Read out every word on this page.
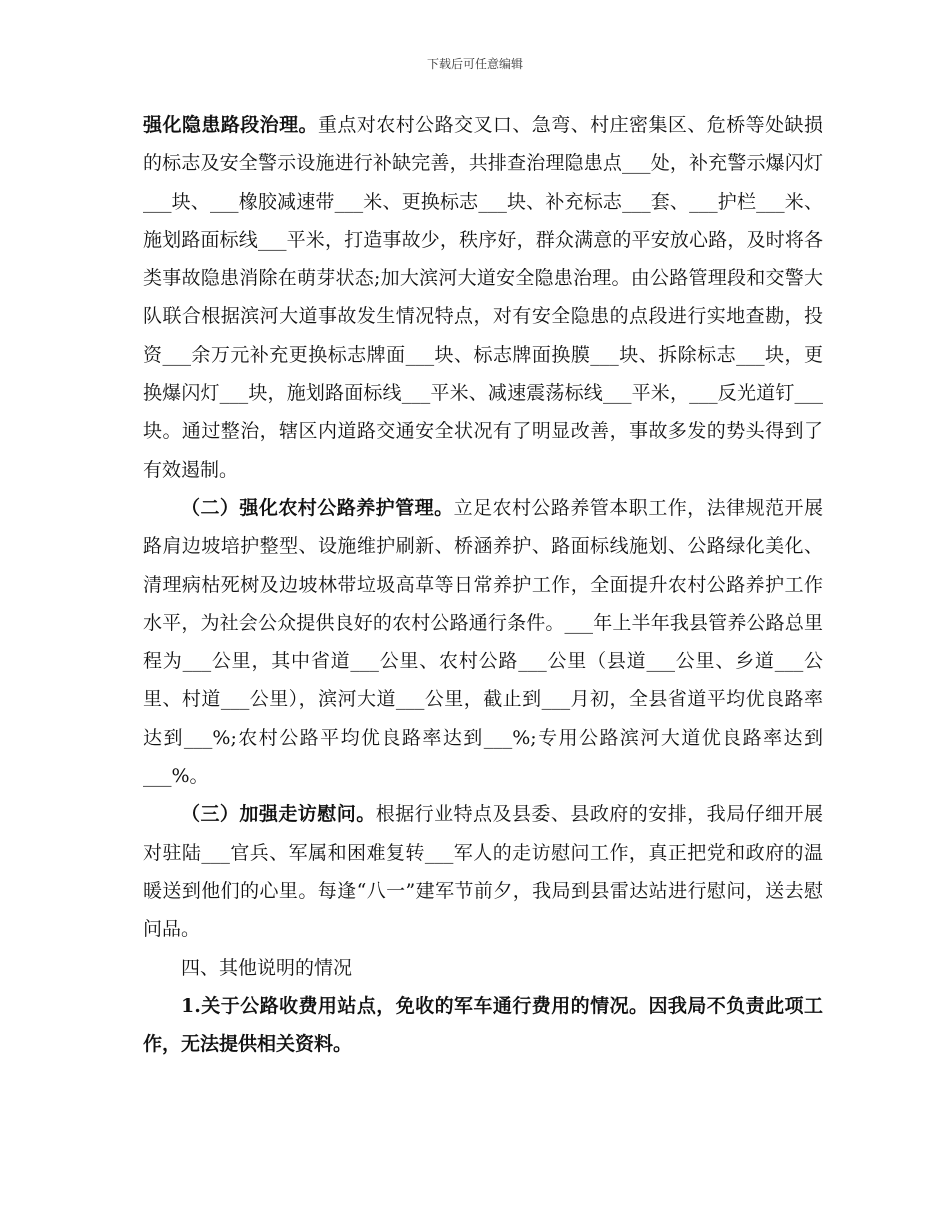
下载后可任意编辑

强化隐患路段治理。重点对农村公路交叉口、急弯、村庄密集区、危桥等处缺损的标志及安全警示设施进行补缺完善，共排查治理隐患点___处，补充警示爆闪灯___块、___橡胶减速带___米、更换标志___块、补充标志___套、___护栏___米、施划路面标线___平米，打造事故少，秩序好，群众满意的平安放心路，及时将各类事故隐患消除在萌芽状态;加大滨河大道安全隐患治理。由公路管理段和交警大队联合根据滨河大道事故发生情况特点，对有安全隐患的点段进行实地查勘，投资___余万元补充更换标志牌面___块、标志牌面换膜___块、拆除标志___块，更换爆闪灯___块，施划路面标线___平米、减速震荡标线___平米，___反光道钉___块。通过整治，辖区内道路交通安全状况有了明显改善，事故多发的势头得到了有效遏制。

（二）强化农村公路养护管理。立足农村公路养管本职工作，法律规范开展路肩边坡培护整型、设施维护刷新、桥涵养护、路面标线施划、公路绿化美化、清理病枯死树及边坡林带垃圾高草等日常养护工作，全面提升农村公路养护工作水平，为社会公众提供良好的农村公路通行条件。___年上半年我县管养公路总里程为___公里，其中省道___公里、农村公路___公里（县道___公里、乡道___公里、村道___公里），滨河大道___公里，截止到___月初，全县省道平均优良路率达到___%;农村公路平均优良路率达到___%;专用公路滨河大道优良路率达到___%。

（三）加强走访慰问。根据行业特点及县委、县政府的安排，我局仔细开展对驻陆___官兵、军属和困难复转___军人的走访慰问工作，真正把党和政府的温暖送到他们的心里。每逢“八一”建军节前夕，我局到县雷达站进行慰问，送去慰问品。

四、其他说明的情况

1.关于公路收费用站点，免收的军车通行费用的情况。因我局不负责此项工作，无法提供相关资料。
